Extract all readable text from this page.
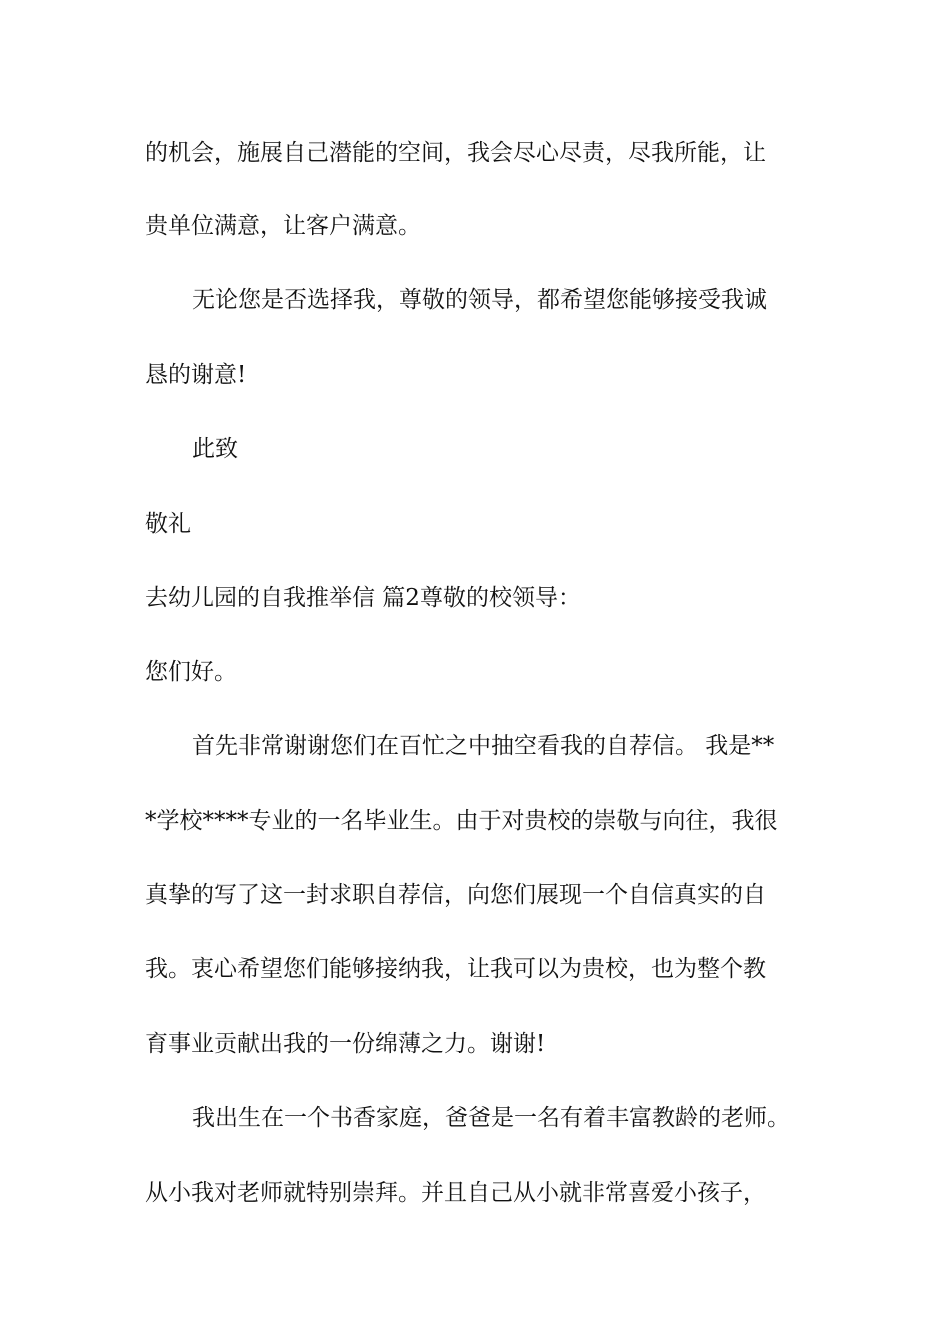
的机会，施展自己潜能的空间，我会尽心尽责，尽我所能，让

贵单位满意，让客户满意。

无论您是否选择我，尊敬的领导，都希望您能够接受我诚

恳的谢意!

此致

敬礼

去幼儿园的自我推举信 篇2尊敬的校领导：

您们好。

首先非常谢谢您们在百忙之中抽空看我的自荐信。 我是**

*学校****专业的一名毕业生。由于对贵校的崇敬与向往，我很

真挚的写了这一封求职自荐信，向您们展现一个自信真实的自

我。衷心希望您们能够接纳我，让我可以为贵校，也为整个教

育事业贡献出我的一份绵薄之力。谢谢!

我出生在一个书香家庭，爸爸是一名有着丰富教龄的老师。

从小我对老师就特别崇拜。并且自己从小就非常喜爱小孩子，
